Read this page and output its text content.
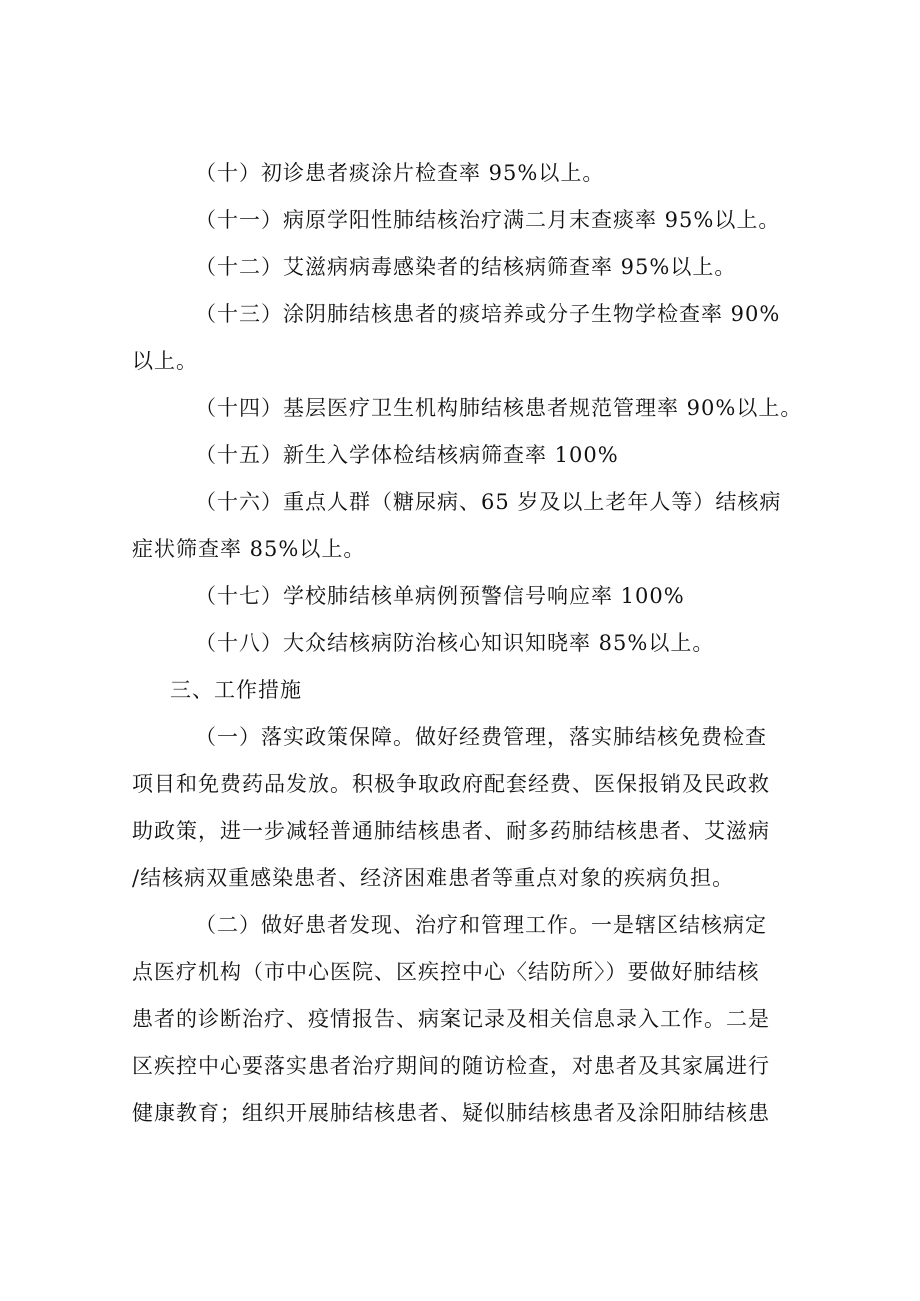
（十）初诊患者痰涂片检查率 95%以上。
（十一）病原学阳性肺结核治疗满二月末查痰率 95%以上。
（十二）艾滋病病毒感染者的结核病筛查率 95%以上。
（十三）涂阴肺结核患者的痰培养或分子生物学检查率 90%
以上。
（十四）基层医疗卫生机构肺结核患者规范管理率 90%以上。
（十五）新生入学体检结核病筛查率 100%
（十六）重点人群（糖尿病、65 岁及以上老年人等）结核病
症状筛查率 85%以上。
（十七）学校肺结核单病例预警信号响应率 100%
（十八）大众结核病防治核心知识知晓率 85%以上。
三、工作措施
（一）落实政策保障。做好经费管理，落实肺结核免费检查
项目和免费药品发放。积极争取政府配套经费、医保报销及民政救
助政策，进一步减轻普通肺结核患者、耐多药肺结核患者、艾滋病
/结核病双重感染患者、经济困难患者等重点对象的疾病负担。
（二）做好患者发现、治疗和管理工作。一是辖区结核病定
点医疗机构（市中心医院、区疾控中心〈结防所〉）要做好肺结核
患者的诊断治疗、疫情报告、病案记录及相关信息录入工作。二是
区疾控中心要落实患者治疗期间的随访检查，对患者及其家属进行
健康教育；组织开展肺结核患者、疑似肺结核患者及涂阳肺结核患
